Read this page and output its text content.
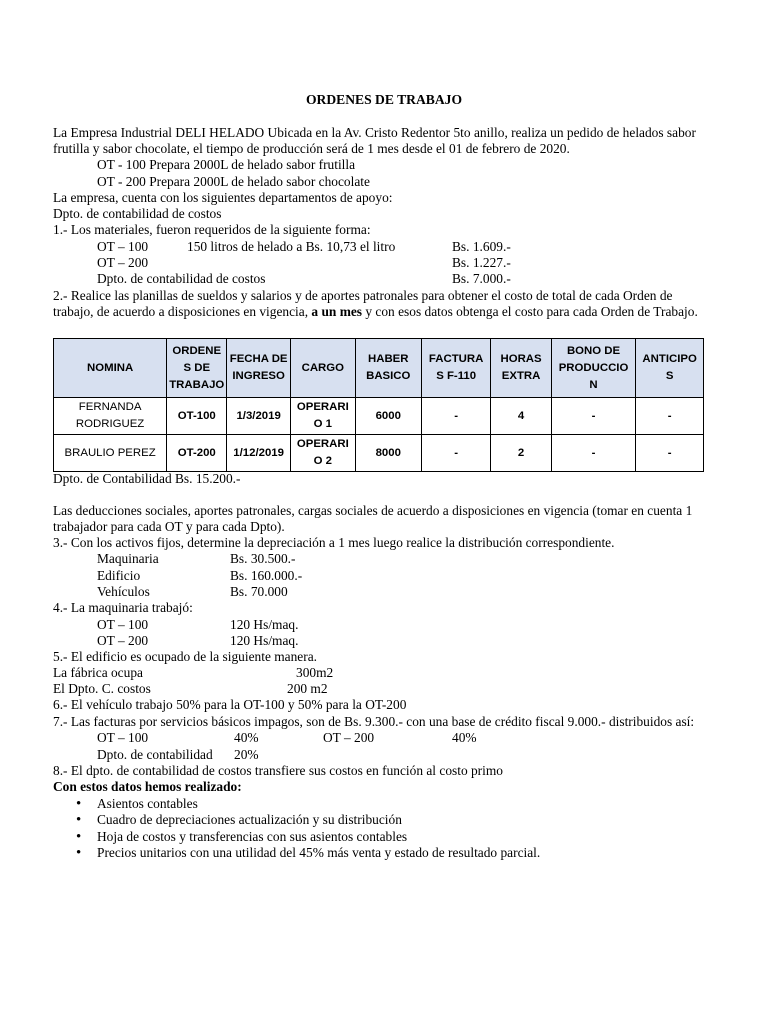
ORDENES DE TRABAJO
La Empresa Industrial DELI HELADO Ubicada en la Av. Cristo Redentor 5to anillo, realiza un pedido de helados sabor
frutilla y sabor chocolate, el tiempo de producción será de 1 mes desde el 01 de febrero de 2020.
OT - 100 Prepara 2000L de helado sabor frutilla
OT - 200 Prepara 2000L de helado sabor chocolate
La empresa, cuenta con los siguientes departamentos de apoyo:
Dpto. de contabilidad de costos
1.- Los materiales, fueron requeridos de la siguiente forma:
OT – 100	150 litros de helado a Bs. 10,73 el litro	Bs. 1.609.-
OT – 200	Bs. 1.227.-
Dpto. de contabilidad de costos	Bs. 7.000.-
2.- Realice las planillas de sueldos y salarios y de aportes patronales para obtener el costo de total de cada Orden de
trabajo, de acuerdo a disposiciones en vigencia, a un mes y con esos datos obtenga el costo para cada Orden de Trabajo.
NOMINA	ORDENE S DE TRABAJO	FECHA DE INGRESO	CARGO	HABER BASICO	FACTURA S F-110	HORAS EXTRA	BONO DE PRODUCCIO N	ANTICIPO S
FERNANDA RODRIGUEZ	OT-100	1/3/2019	OPERARI O 1	6000	-	4	-	-
BRAULIO PEREZ	OT-200	1/12/2019	OPERARI O 2	8000	-	2	-	-
Dpto. de Contabilidad Bs. 15.200.-
Las deducciones sociales, aportes patronales, cargas sociales de acuerdo a disposiciones en vigencia (tomar en cuenta 1
trabajador para cada OT y para cada Dpto).
3.- Con los activos fijos, determine la depreciación a 1 mes luego realice la distribución correspondiente.
Maquinaria	Bs. 30.500.-
Edificio	Bs. 160.000.-
Vehículos	Bs. 70.000
4.- La maquinaria trabajó:
OT – 100	120 Hs/maq.
OT – 200	120 Hs/maq.
5.- El edificio es ocupado de la siguiente manera.
La fábrica ocupa	300m2
El Dpto. C. costos	200 m2
6.- El vehículo trabajo 50% para la OT-100 y 50% para la OT-200
7.- Las facturas por servicios básicos impagos, son de Bs. 9.300.- con una base de crédito fiscal 9.000.- distribuidos así:
OT – 100	40%	OT – 200	40%
Dpto. de contabilidad 20%
8.- El dpto. de contabilidad de costos transfiere sus costos en función al costo primo
Con estos datos hemos realizado:
• Asientos contables
• Cuadro de depreciaciones actualización y su distribución
• Hoja de costos y transferencias con sus asientos contables
• Precios unitarios con una utilidad del 45% más venta y estado de resultado parcial.
